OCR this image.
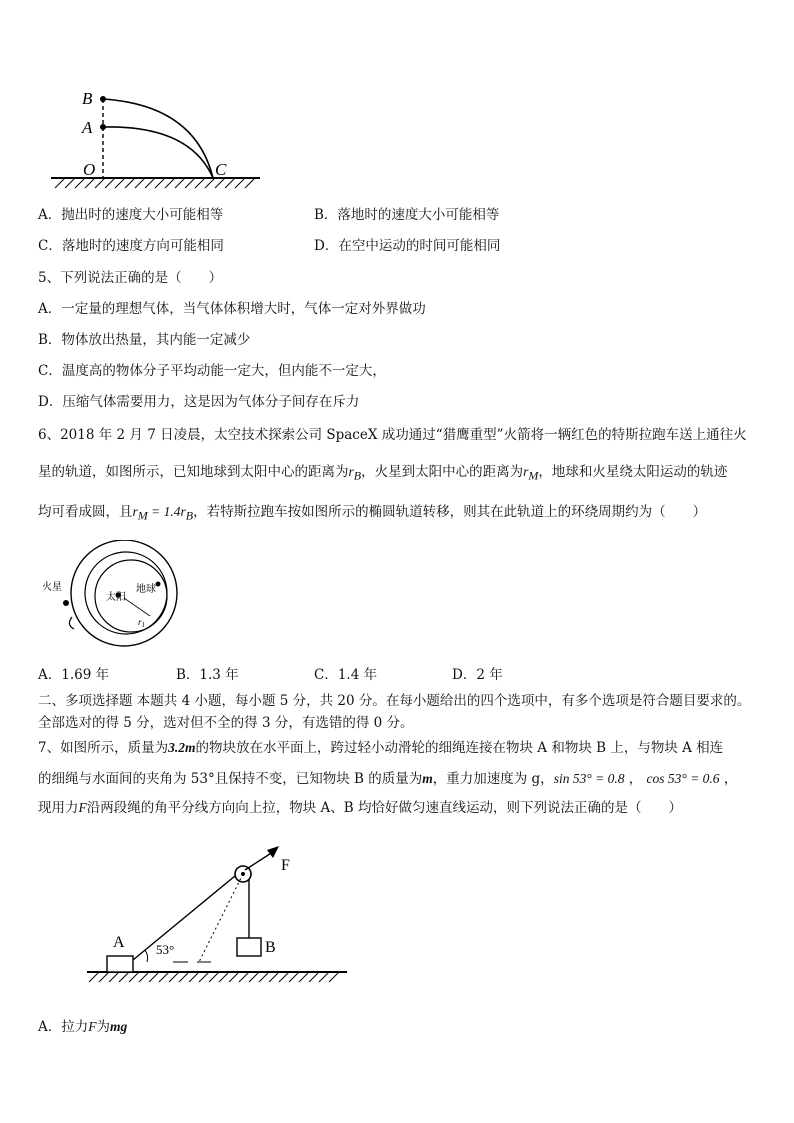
B
A
O	C
A．抛出时的速度大小可能相等	B．落地时的速度大小可能相等
C．落地时的速度方向可能相同	D．在空中运动的时间可能相同
5、下列说法正确的是（　　）
A．一定量的理想气体，当气体体积增大时，气体一定对外界做功
B．物体放出热量，其内能一定减少
C．温度高的物体分子平均动能一定大，但内能不一定大，
D．压缩气体需要用力，这是因为气体分子间存在斥力
6、2018 年 2 月 7 日凌晨，太空技术探索公司 SpaceX 成功通过“猎鹰重型”火箭将一辆红色的特斯拉跑车送上通往火
星的轨道，如图所示，已知地球到太阳中心的距离为$r_B$，火星到太阳中心的距离为$r_M$，地球和火星绕太阳运动的轨迹
均可看成圆，且$r_M = 1.4r_B$，若特斯拉跑车按如图所示的椭圆轨道转移，则其在此轨道上的环绕周期约为（　　）
火星
太阳
地球
$r_1$
A．1.69 年	B．1.3 年	C．1.4 年	D．2 年
二、多项选择题 本题共 4 小题，每小题 5 分，共 20 分。在每小题给出的四个选项中，有多个选项是符合题目要求的。
全部选对的得 5 分，选对但不全的得 3 分，有选错的得 0 分。
7、如图所示，质量为3.2m的物块放在水平面上，跨过轻小动滑轮的细绳连接在物块 A 和物块 B 上，与物块 A 相连
的细绳与水面间的夹角为 53°且保持不变，已知物块 B 的质量为m，重力加速度为 g，sin 53° = 0.8 ， cos 53° = 0.6 ，
现用力F沿两段绳的角平分线方向向上拉，物块 A、B 均恰好做匀速直线运动，则下列说法正确的是（　　）
F
A	B
53°
A．拉力F为mg
